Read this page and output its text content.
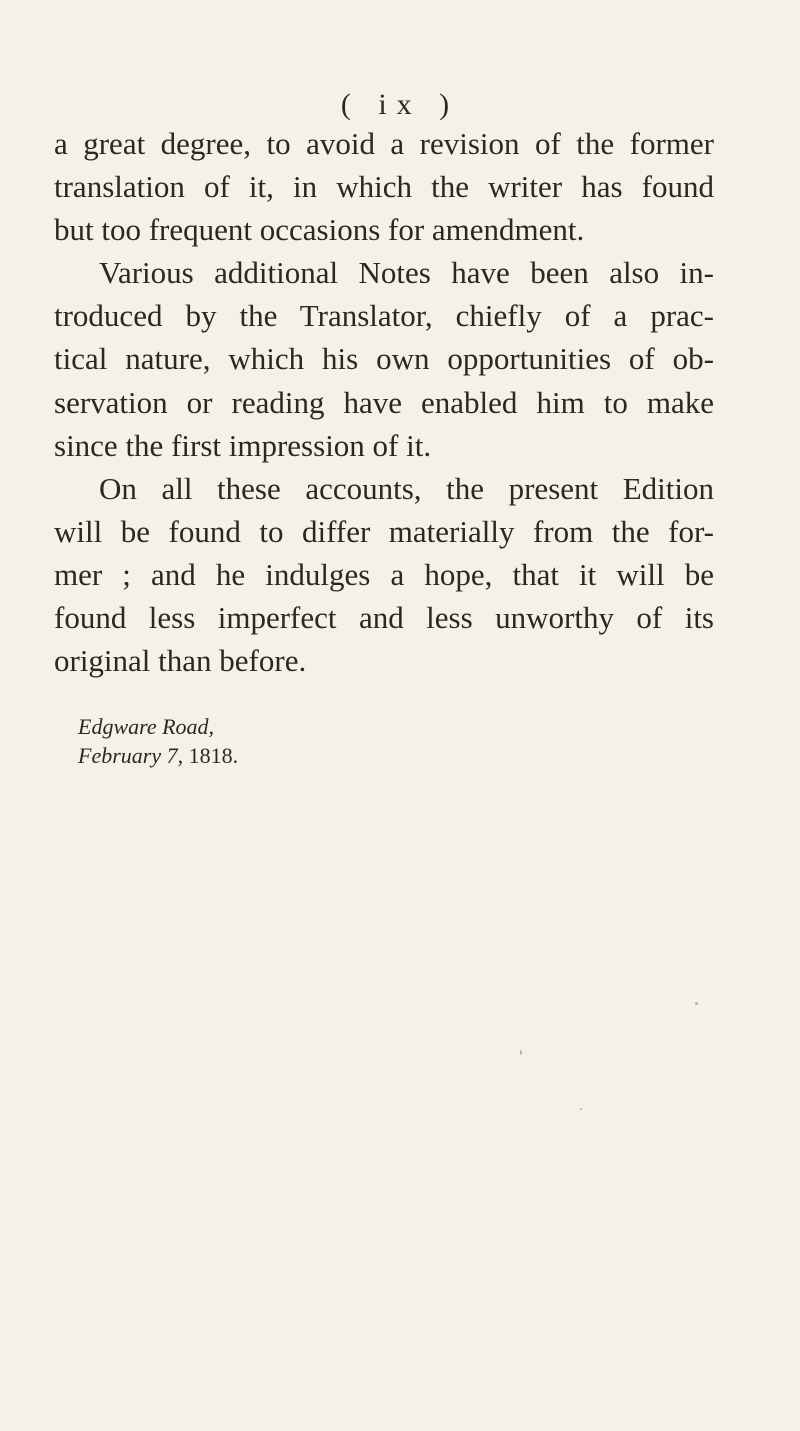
( ix )
a great degree, to avoid a revision of the former
translation of it, in which the writer has found
but too frequent occasions for amendment.
Various additional Notes have been also in-
troduced by the Translator, chiefly of a prac-
tical nature, which his own opportunities of ob-
servation or reading have enabled him to make
since the first impression of it.
On all these accounts, the present Edition
will be found to differ materially from the for-
mer ; and he indulges a hope, that it will be
found less imperfect and less unworthy of its
original than before.
Edgware Road,
February 7, 1818.
